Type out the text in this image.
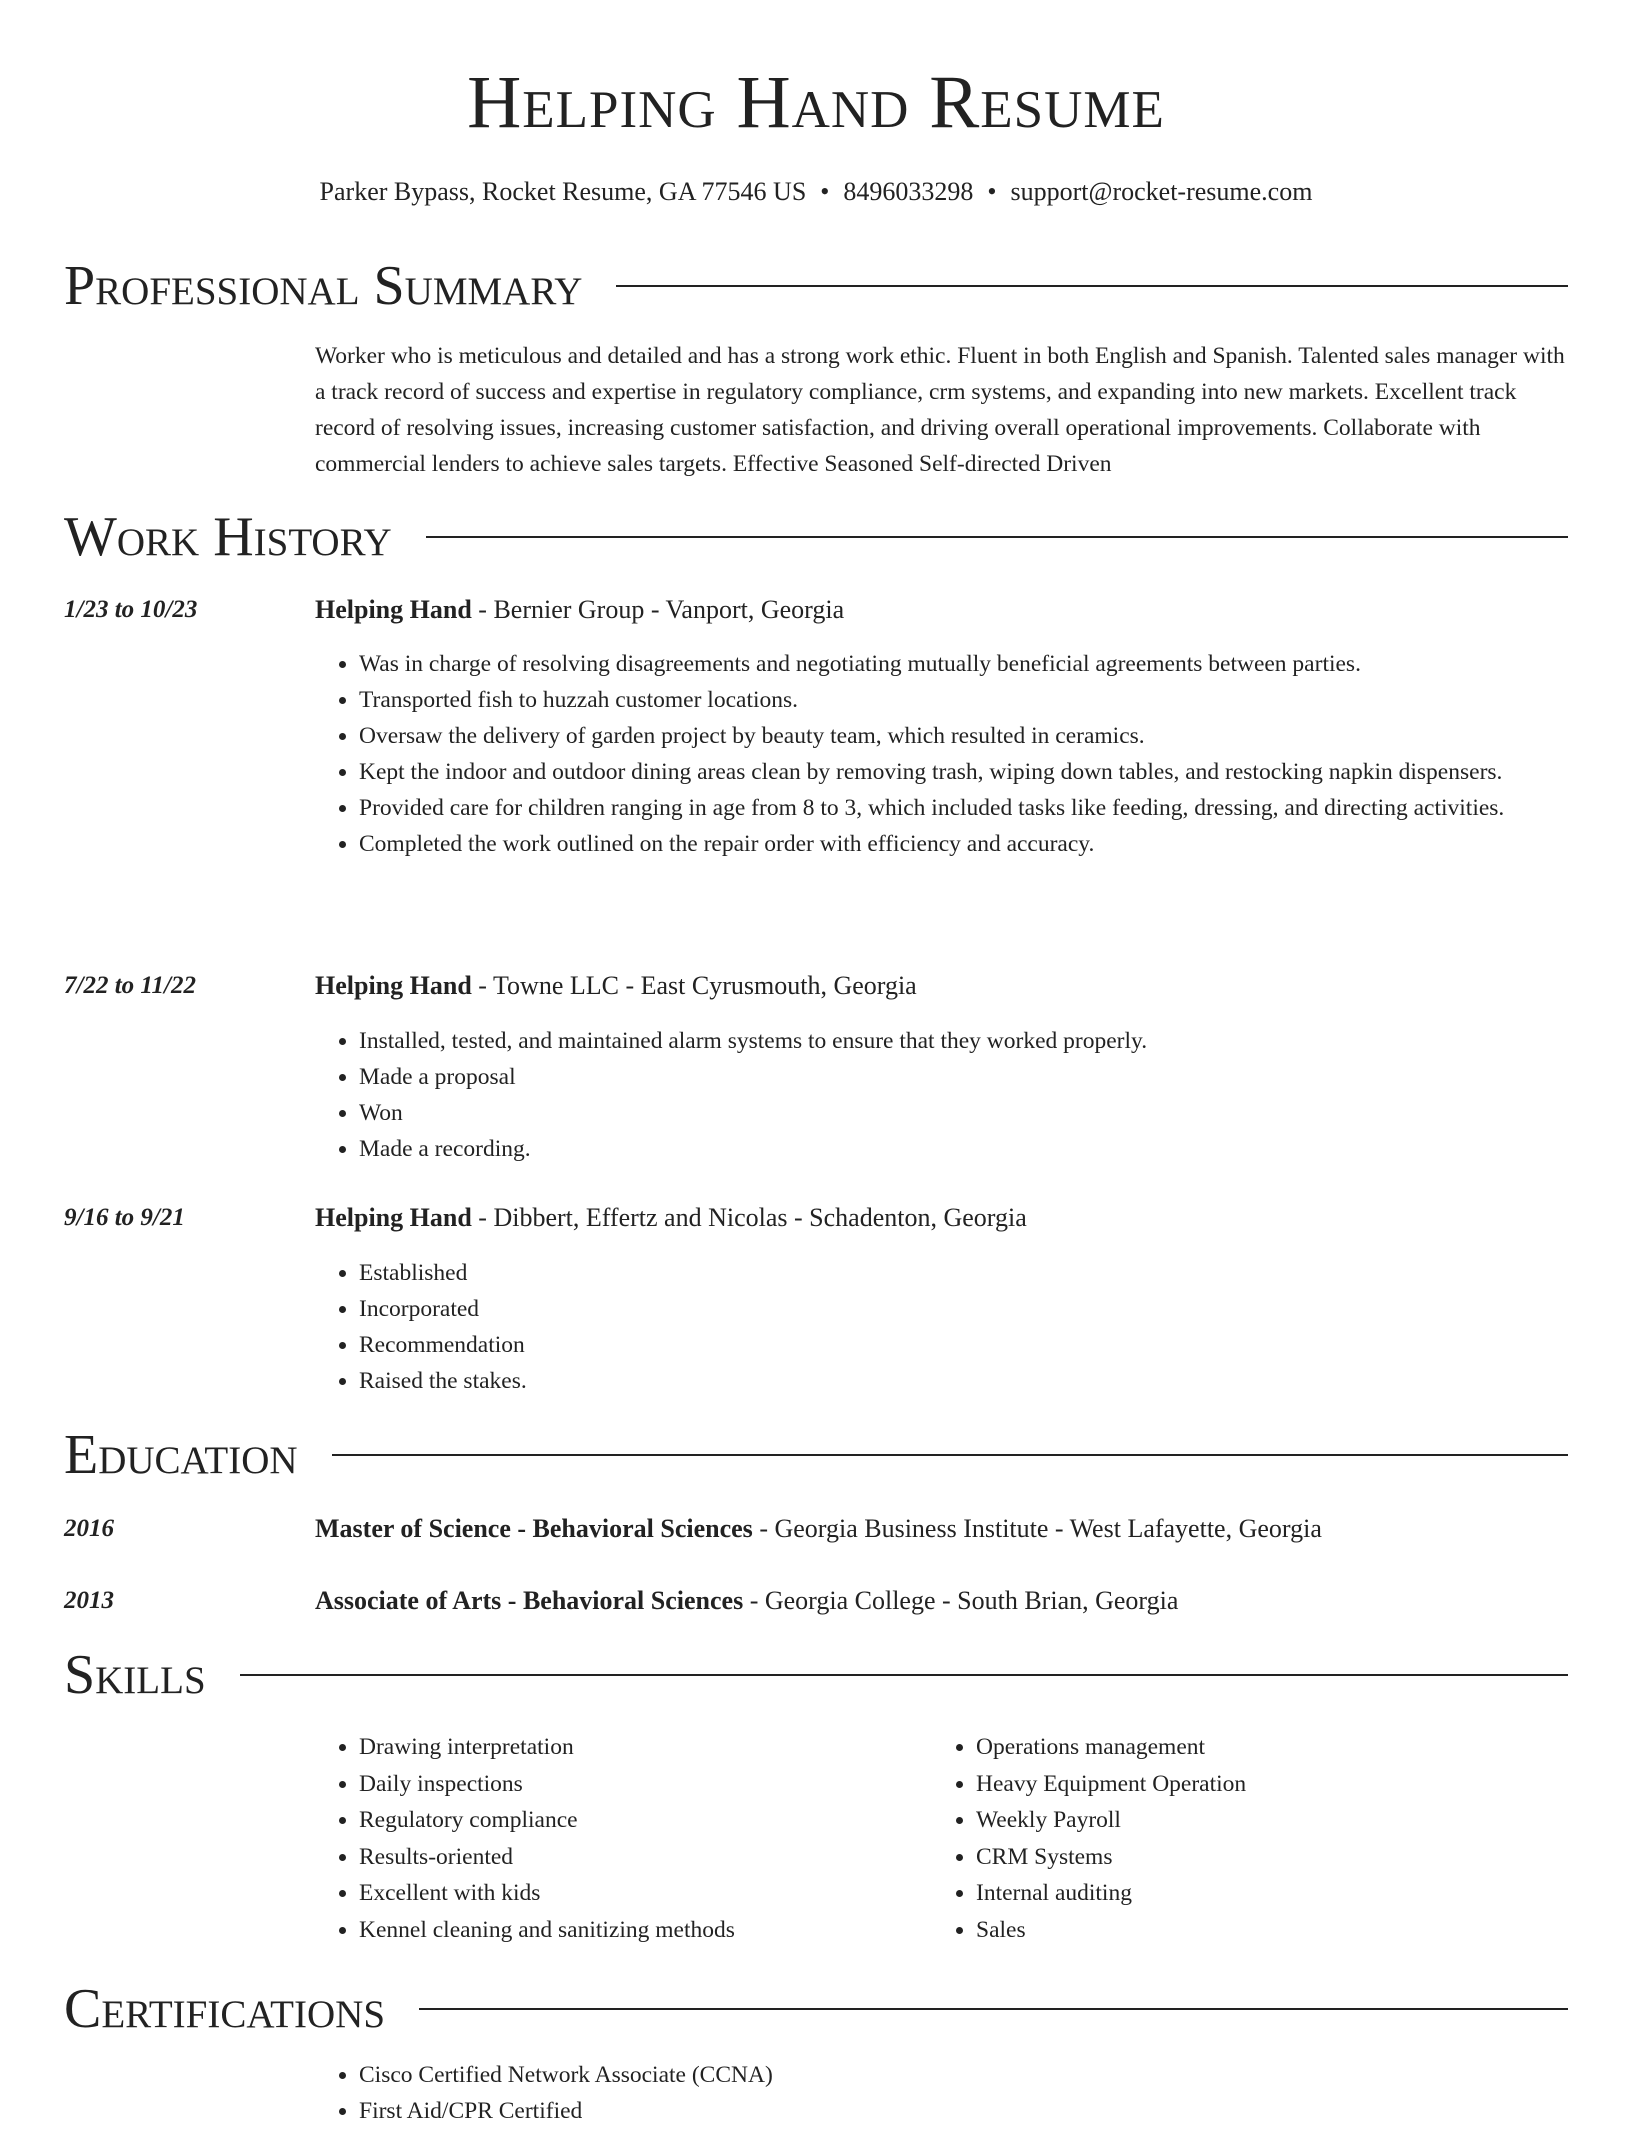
Helping Hand Resume
Parker Bypass, Rocket Resume, GA 77546 US • 8496033298 • support@rocket-resume.com
Professional Summary

Worker who is meticulous and detailed and has a strong work ethic. Fluent in both English and Spanish. Talented sales manager with a track record of success and expertise in regulatory compliance, crm systems, and expanding into new markets. Excellent track record of resolving issues, increasing customer satisfaction, and driving overall operational improvements. Collaborate with commercial lenders to achieve sales targets. Effective Seasoned Self-directed Driven

Work History
1/23 to 10/23	Helping Hand - Bernier Group - Vanport, Georgia
• Was in charge of resolving disagreements and negotiating mutually beneficial agreements between parties.
• Transported fish to huzzah customer locations.
• Oversaw the delivery of garden project by beauty team, which resulted in ceramics.
• Kept the indoor and outdoor dining areas clean by removing trash, wiping down tables, and restocking napkin dispensers.
• Provided care for children ranging in age from 8 to 3, which included tasks like feeding, dressing, and directing activities.
• Completed the work outlined on the repair order with efficiency and accuracy.
7/22 to 11/22	Helping Hand - Towne LLC - East Cyrusmouth, Georgia
• Installed, tested, and maintained alarm systems to ensure that they worked properly.
• Made a proposal
• Won
• Made a recording.
9/16 to 9/21	Helping Hand - Dibbert, Effertz and Nicolas - Schadenton, Georgia
• Established
• Incorporated
• Recommendation
• Raised the stakes.
Education
2016	Master of Science - Behavioral Sciences - Georgia Business Institute - West Lafayette, Georgia
2013	Associate of Arts - Behavioral Sciences - Georgia College - South Brian, Georgia
Skills
• Drawing interpretation
• Daily inspections
• Regulatory compliance
• Results-oriented
• Excellent with kids
• Kennel cleaning and sanitizing methods
• Operations management
• Heavy Equipment Operation
• Weekly Payroll
• CRM Systems
• Internal auditing
• Sales
Certifications
• Cisco Certified Network Associate (CCNA)
• First Aid/CPR Certified
